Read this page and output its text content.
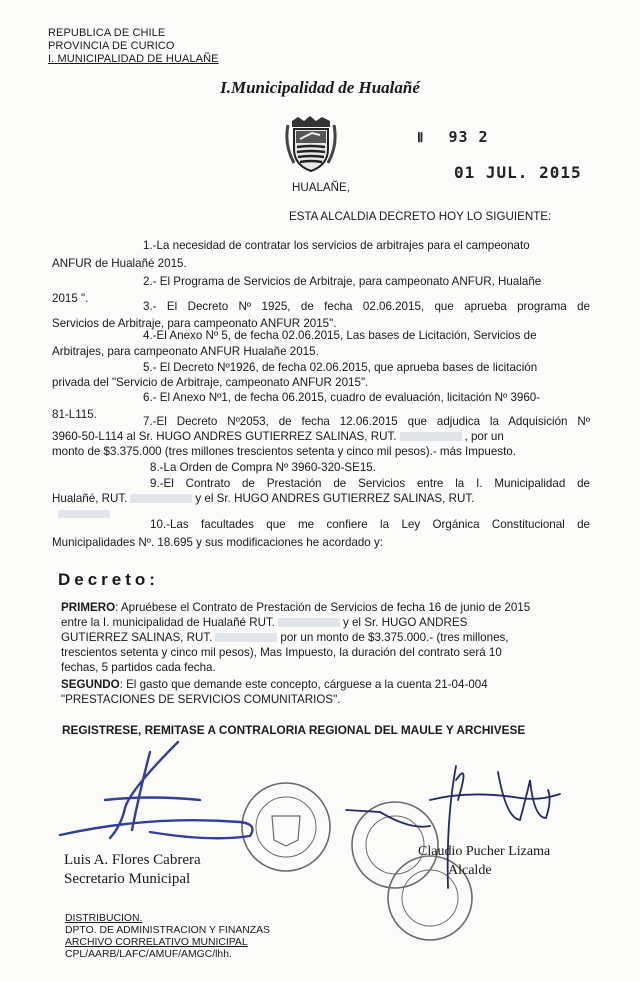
REPUBLICA DE CHILE
PROVINCIA DE CURICO
I. MUNICIPALIDAD DE HUALAÑE
I.Municipalidad de Hualañé
Ⅱ 93 2
01 JUL. 2015
HUALAÑE,
ESTA ALCALDIA DECRETO HOY LO SIGUIENTE:
1.-La necesidad de contratar los servicios de arbitrajes para el campeonato
ANFUR de Hualañé 2015.
2.- El Programa de Servicios de Arbitraje, para campeonato ANFUR, Hualañe
2015 ".
3.- El Decreto Nº 1925, de fecha 02.06.2015, que aprueba programa de
Servicios de Arbitraje, para campeonato ANFUR 2015".
4.-El Anexo Nº 5, de fecha 02.06.2015, Las bases de Licitación, Servicios de
Arbitrajes, para campeonato ANFUR Hualañe 2015.
5.- El Decreto Nº1926, de fecha 02.06.2015, que aprueba bases de licitación
privada del "Servicio de Arbitraje, campeonato ANFUR 2015".
6.- El Anexo Nº1, de fecha 06.2015, cuadro de evaluación, licitación Nº 3960-
81-L115.
7.-El Decreto Nº2053, de fecha 12.06.2015 que adjudica la Adquisición Nº
3960-50-L114 al Sr. HUGO ANDRES GUTIERREZ SALINAS, RUT.	, por un
monto de $3.375.000 (tres millones trescientos setenta y cinco mil pesos).- más Impuesto.
8.-La Orden de Compra Nº 3960-320-SE15.
9.-El Contrato de Prestación de Servicios entre la I. Municipalidad de
Hualañé, RUT.	y el Sr. HUGO ANDRES GUTIERREZ SALINAS, RUT.
10.-Las facultades que me confiere la Ley Orgánica Constitucional de
Municipalidades Nº. 18.695 y sus modificaciones he acordado y:
Decreto:
PRIMERO: Apruébese el Contrato de Prestación de Servicios de fecha 16 de junio de 2015
entre la I. municipalidad de Hualañé RUT.	y el Sr. HUGO ANDRES
GUTIERREZ SALINAS, RUT.	por un monto de $3.375.000.- (tres millones,
trescientos setenta y cinco mil pesos), Mas Impuesto, la duración del contrato será 10
fechas, 5 partidos cada fecha.
SEGUNDO: El gasto que demande este concepto, cárguese a la cuenta 21-04-004
"PRESTACIONES DE SERVICIOS COMUNITARIOS".
REGISTRESE, REMITASE A CONTRALORIA REGIONAL DEL MAULE Y ARCHIVESE
Luis A. Flores Cabrera
Secretario Municipal
Claudio Pucher Lizama
Alcalde
DISTRIBUCION.
DPTO. DE ADMINISTRACION Y FINANZAS
ARCHIVO CORRELATIVO MUNICIPAL
CPL/AARB/LAFC/AMUF/AMGC/lhh.
